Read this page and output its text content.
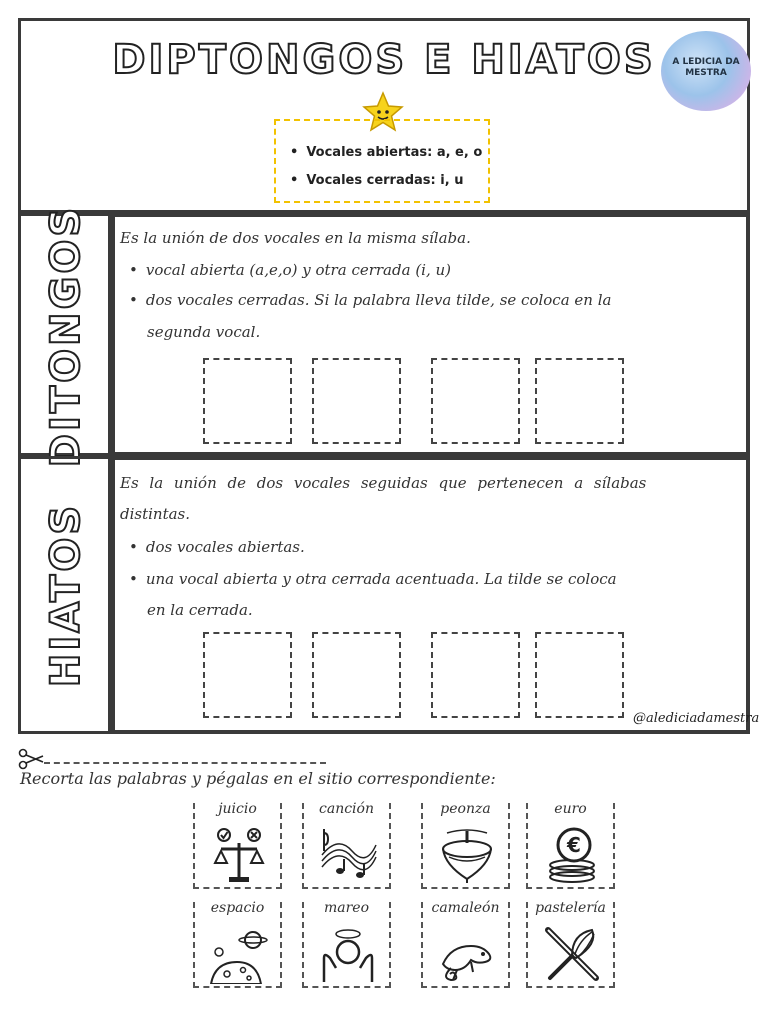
DIPTONGOS E HIATOS	A LEDICIA DA MESTRA
• Vocales abiertas: a, e, o
• Vocales cerradas: i, u
DITONGOS Es la unión de dos vocales en la misma sílaba.
• vocal abierta (a,e,o) y otra cerrada (i, u)
• dos vocales cerradas. Si la palabra lleva tilde, se coloca en la
segunda vocal.
HIATOS
Es la unión de dos vocales seguidas que pertenecen a sílabas
distintas.
• dos vocales abiertas.
• una vocal abierta y otra cerrada acentuada. La tilde se coloca
en la cerrada.
@alediciadamestra
Recorta las palabras y pégalas en el sitio correspondiente:
juicio	canción	peonza	euro
€
espacio	mareo	camaleón	pastelería
